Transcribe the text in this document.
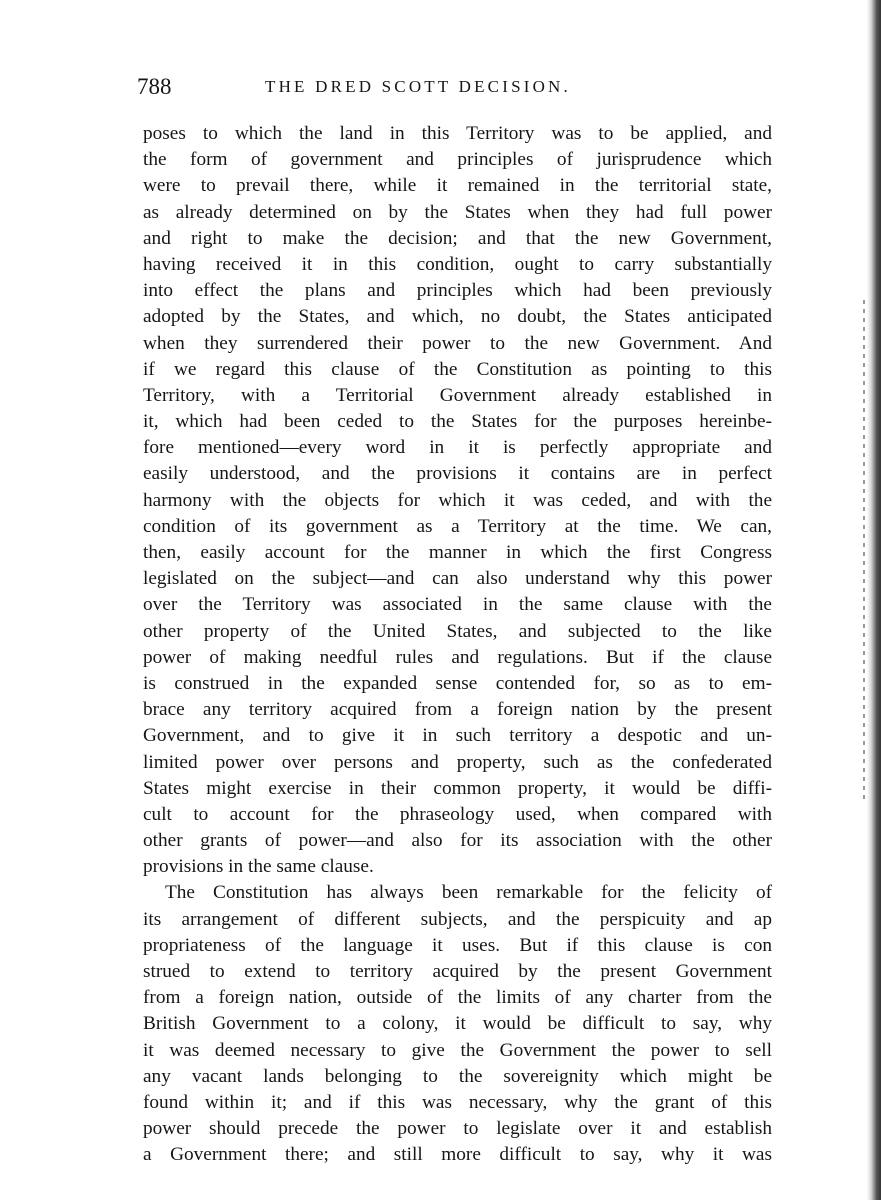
788	THE DRED SCOTT DECISION.
poses to which the land in this Territory was to be applied, and
the form of government and principles of jurisprudence which
were to prevail there, while it remained in the territorial state,
as already determined on by the States when they had full power
and right to make the decision; and that the new Government,
having received it in this condition, ought to carry substantially
into effect the plans and principles which had been previously
adopted by the States, and which, no doubt, the States anticipated
when they surrendered their power to the new Government. And
if we regard this clause of the Constitution as pointing to this
Territory, with a Territorial Government already established in
it, which had been ceded to the States for the purposes hereinbe-
fore mentioned—every word in it is perfectly appropriate and
easily understood, and the provisions it contains are in perfect
harmony with the objects for which it was ceded, and with the
condition of its government as a Territory at the time. We can,
then, easily account for the manner in which the first Congress
legislated on the subject—and can also understand why this power
over the Territory was associated in the same clause with the
other property of the United States, and subjected to the like
power of making needful rules and regulations. But if the clause
is construed in the expanded sense contended for, so as to em-
brace any territory acquired from a foreign nation by the present
Government, and to give it in such territory a despotic and un-
limited power over persons and property, such as the confederated
States might exercise in their common property, it would be diffi-
cult to account for the phraseology used, when compared with
other grants of power—and also for its association with the other
provisions in the same clause.
The Constitution has always been remarkable for the felicity of
its arrangement of different subjects, and the perspicuity and ap
propriateness of the language it uses. But if this clause is con
strued to extend to territory acquired by the present Government
from a foreign nation, outside of the limits of any charter from the
British Government to a colony, it would be difficult to say, why
it was deemed necessary to give the Government the power to sell
any vacant lands belonging to the sovereignity which might be
found within it; and if this was necessary, why the grant of this
power should precede the power to legislate over it and establish
a Government there; and still more difficult to say, why it was
